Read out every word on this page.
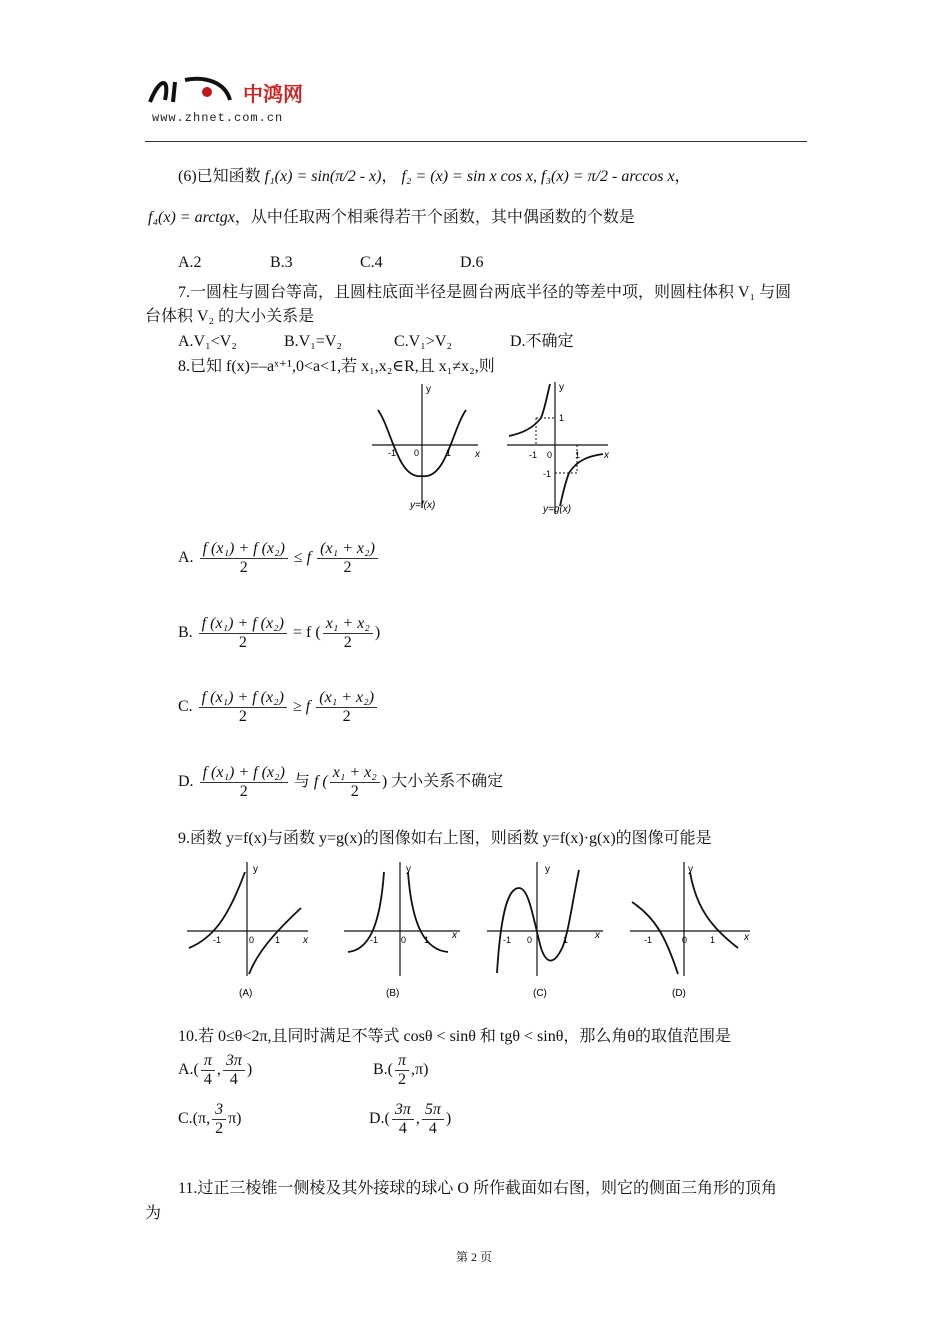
中鸿网
www.zhnet.com.cn
(6)已知函数 f₁(x) = sin(π/2 - x)， f₂ = (x) = sin x cos x, f₃(x) = π/2 - arccos x，
f₄(x) = arctgx，从中任取两个相乘得若干个函数，其中偶函数的个数是
A.2	B.3	C.4	D.6
7.一圆柱与圆台等高，且圆柱底面半径是圆台两底半径的等差中项，则圆柱体积 V₁ 与圆
台体积 V₂ 的大小关系是
A.V₁<V₂	B.V₁=V₂	C.V₁>V₂	D.不确定
8.已知 f(x)=–aˣ⁺¹,0<a<1,若 x₁,x₂∈R,且 x₁≠x₂,则
y
x
-1 0	1
y=f(x)
y
x
1
-1 0	1
-1
y=g(x)
A. $\frac{\text{f (x₁) + f (x₂)}}{2} \le f \frac{\text{(x₁ + x₂)}}{2}$
B. $\frac{\text{f (x₁) + f (x₂)}}{2} = f$ ( $\frac{\text{x₁ + x₂}}{2}$ )
C. $\frac{\text{f (x₁) + f (x₂)}}{2} \ge f \frac{\text{(x₁ + x₂)}}{2}$
D. $\frac{\text{f (x₁) + f (x₂)}}{2}$ 与 f ( $\frac{\text{x₁ + x₂}}{2}$ ) 大小关系不确定
9.函数 y=f(x)与函数 y=g(x)的图像如右上图，则函数 y=f(x)·g(x)的图像可能是
y
x
-1	0 1
(A)
y
x
-1	0 1
(B)
y
x
-1 0	1
(C)
y
x
-1	0	1
(D)
10.若 0≤θ<2π,且同时满足不等式 cosθ < sinθ 和 tgθ < sinθ，那么角θ的取值范围是
$A.( \frac{\pi}{4}$ , $\frac{3\pi}{4}$ )	$B.( \frac{\pi}{2} ,\pi)$
C.(π, $\frac{3}{2} \pi$)	$D.( \frac{3\pi}{4}$ , $\frac{5\pi}{4}$ )
11.过正三棱锥一侧棱及其外接球的球心 O 所作截面如右图，则它的侧面三角形的顶角
为
第 2 页
